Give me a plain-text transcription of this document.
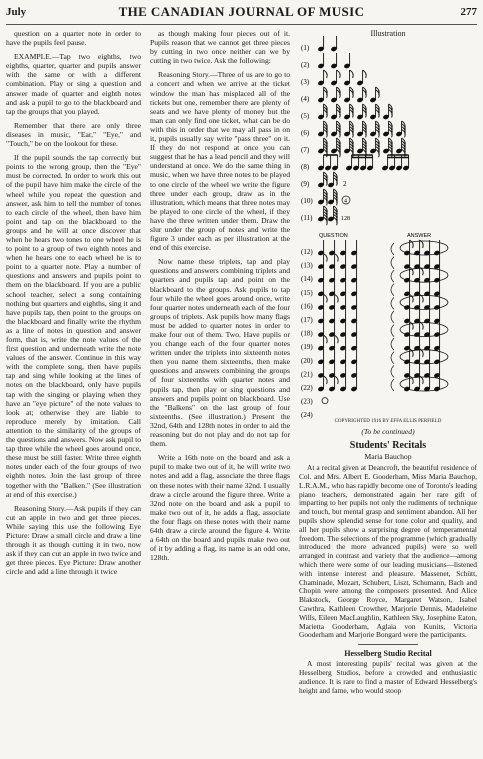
July	THE CANADIAN JOURNAL OF MUSIC	277

question on a quarter note in order to have the pupils feel pause.

EXAMPLE.—Tap two eighths, two eighths, quarter, quarter and pupils answer with the same or with a different combination. Play or sing a question and answer made of quarter and eighth notes and ask a pupil to go to the blackboard and tap the groups that you played.

Remember that there are only three diseases in music, "Ear," "Eye," and "Touch," be on the lookout for these.

If the pupil sounds the tap correctly but points to the wrong group, then the "Eye" must be corrected. In order to work this out of the pupil have him make the circle of the wheel while you repeat the question and answer, ask him to tell the number of tones to each circle of the wheel, then have him point and tap on the blackboard to the groups and he will at once discover that when he hears two tones to one wheel he is to point to a group of two eighth notes and when he hears one to each wheel he is to point to a quarter note. Play a number of questions and answers and pupils point to them on the blackboard. If you are a public school teacher, select a song containing nothing but quarters and eighths, sing it and have pupils tap, then point to the groups on the blackboard and finally write the rhythm as a line of notes in question and answer form, that is, write the note values of the first question and underneath write the note values of the answer. Continue in this way with the complete song, then have pupils tap and sing while looking at the lines of notes on the blackboard, only have pupils tap with the singing or playing when they have an "eye picture" of the note values to look at; otherwise they are liable to reproduce merely by imitation. Call attention to the similarity of the groups of the questions and answers. Now ask pupil to tap three while the wheel goes around once, these must be still faster. Write three eighth notes under each of the four groups of two eighth notes. Join the last group of three together with the "Balken." (See illustration at end of this exercise.)

Reasoning Story.—Ask pupils if they can cut an apple in two and get three pieces. While saying this use the following Eye Picture: Draw a small circle and draw a line through it as though cutting it in two, now ask if they can cut an apple in two twice and get three pieces. Eye Picture: Draw another circle and add a line through it twice

as though making four pieces out of it. Pupils reason that we cannot get three pieces by cutting in two once neither can we by cutting in two twice. Ask the following:

Reasoning Story.—Three of us are to go to a concert and when we arrive at the ticket window the man has misplaced all of the tickets but one, remember there are plenty of seats and we have plenty of money but the man can only find one ticket, what can be do with this in order that we may all pass in on it, pupils usually say write "pass three" on it. If they do not respond at once you can suggest that he has a lead pencil and they will understand at once. We do the same thing in music, when we have three notes to be played to one circle of the wheel we write the figure three under each group, draw as in the illustration, which means that three notes may be played to one circle of the wheel, if they have the three written under them. Draw the slur under the group of notes and write the figure 3 under each as per illustration at the end of this exercise.

Now name these triplets, tap and play questions and answers combining triplets and quarters and pupils tap and point on the blackboard to the groups. Ask pupils to tap four while the wheel goes around once, write four quarter notes underneath each of the four groups of triplets. Ask pupils how many flags must be added to quarter notes in order to make four out of them. Two. Have pupils or you change each of the four quarter notes written under the triplets into sixteenth notes then you name them sixteenths, then make questions and answers combining the groups of four sixteenths with quarter notes and pupils tap, then play or sing questions and answers and pupils point on blackboard. Use the "Balkens" on the last group of four sixteenths. (See illustration.) Present the 32nd, 64th and 128th notes in order to aid the reasoning but do not play and do not tap for them.

Write a 16th note on the board and ask a pupil to make two out of it, he will write two notes and add a flag, associate the three flags on these notes with their name 32nd. I usually draw a circle around the figure three. Write a 32nd note on the board and ask a pupil to make two out of it, he adds a flag, associate the four flags on these notes with their name 64th draw a circle around the figure 4. Write a 64th on the board and pupils make two out of it by adding a flag, its name is an odd one, 128th.

Illustration
(1)
(2)
(3)
(4)
(5)
(6)
(7)
(8)
(9)	2
(10)	4
(11)	128
QUESTION	ANSWER
(12)
(13)
(14)
(15)
(16)
(17)
(18)
(19)
(20)
(21)
(22)
(23)
(24)
COPYRIGHTED 1916 BY EFFA ELLIS PERFIELD
(To be continued)
Students' Recitals
Maria Bauchop

At a recital given at Deancroft, the beautiful residence of Col. and Mrs. Albert E. Gooderham, Miss Maria Bauchop, L.R.A.M., who has rapidly become one of Toronto's leading piano teachers, demonstrated again her rare gift of imparting to her pupils not only the rudiments of technique and touch, but mental grasp and sentiment abandon. All her pupils show splendid sense for tone color and quality, and all her pupils show a surprising degree of temperamental freedom. The selections of the programme (which gradually introduced the more advanced pupils) were so well arranged in contrast and variety that the audience—among which there were some of our leading musicians—listened with intense interest and pleasure. Massenet, Schütt, Chaminade, Mozart, Schubert, Liszt, Schumann, Bach and Chopin were among the composers presented. And Alice Blakstock, George Royce, Margaret Watson, Isabel Cawthra, Kathleen Crowther, Marjorie Dennis, Madeleine Wills, Eileen MacLaughlin, Kathleen Sky, Josephine Eaton, Marietta Gooderham, Aglaia von Kunits, Victoria Gooderham and Marjorie Bongard were the participants.

Hesselberg Studio Recital

A most interesting pupils' recital was given at the Hesselberg Studios, before a crowded and enthusiastic audience. It is rare to find a master of Edward Hesselberg's height and fame, who would stoop
